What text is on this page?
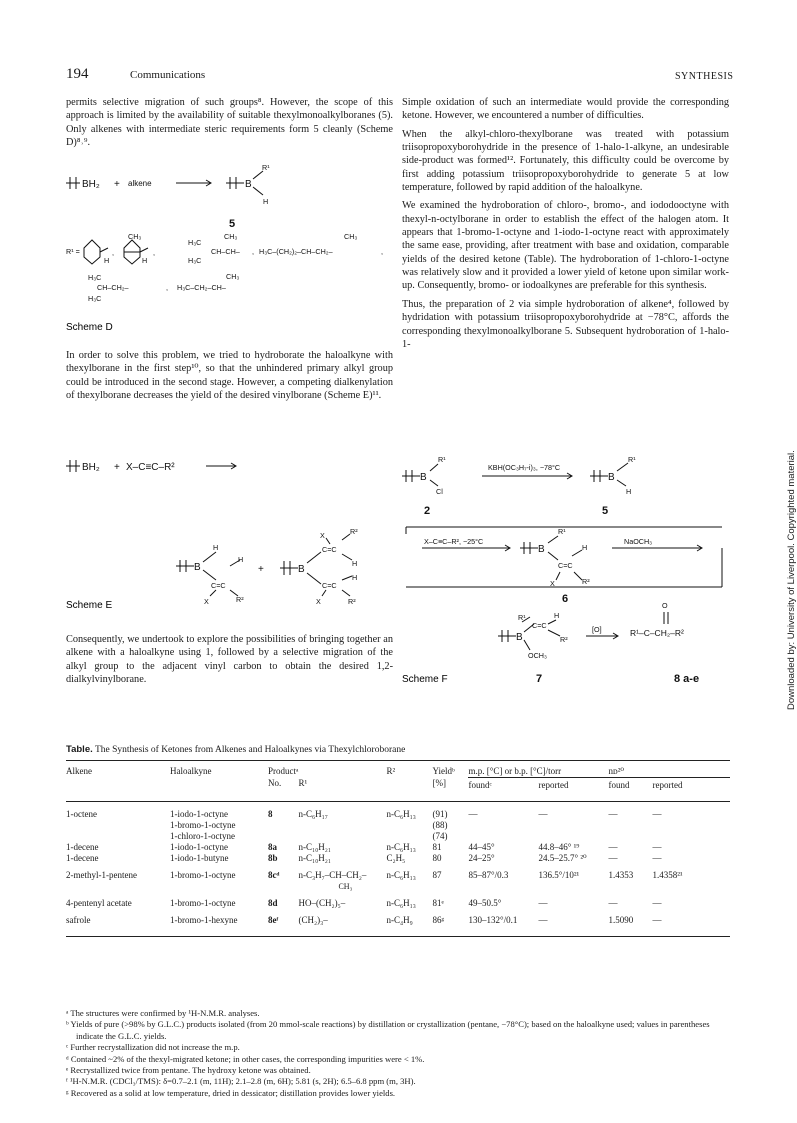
194	Communications	SYNTHESIS

permits selective migration of such groups⁸. However, the scope of this approach is limited by the availability of suitable thexylmonoalkylboranes (5). Only alkenes with intermediate steric requirements form 5 cleanly (Scheme D)⁸˒⁹.

BH₂ + alkene	B
R¹
H
5
R¹ =
H
,
CH₃
H
,
H₃C
CH₃
CH–CH–
H₃C
,
CH₃
H₃C–(CH₂)₂–CH–CH₂–	,
H₃C
CH–CH₂–
H₃C
,
CH₃
H₃C–CH₂–CH–
Scheme D

In order to solve this problem, we tried to hydroborate the haloalkyne with thexylborane in the first step¹⁰, so that the unhindered primary alkyl group could be introduced in the second stage. However, a competing dialkenylation of thexylborane decreases the yield of the desired vinylborane (Scheme E)¹¹.

BH₂ + X–C≡C–R²
B
H
H
C=C
X	R²
+	B
X	R²
C=C
H
C=C
H
X	R²
Scheme E

Consequently, we undertook to explore the possibilities of bringing together an alkene with a haloalkyne using 1, followed by a selective migration of the alkyl group to the adjacent vinyl carbon to obtain the desired 1,2-dialkylvinylborane.

Simple oxidation of such an intermediate would provide the corresponding ketone. However, we encountered a number of difficulties.

When the alkyl-chloro-thexylborane was treated with potassium triisopropoxyborohydride in the presence of 1-halo-1-alkyne, an undesirable side-product was formed¹². Fortunately, this difficulty could be overcome by first adding potassium triisopropoxyborohydride to generate 5 at low temperature, followed by rapid addition of the haloalkyne.

We examined the hydroboration of chloro-, bromo-, and iododooctyne with thexyl-n-octylborane in order to establish the effect of the halogen atom. It appears that 1-bromo-1-octyne and 1-iodo-1-octyne react with approximately the same ease, providing, after treatment with base and oxidation, comparable yields of the desired ketone (Table). The hydroboration of 1-chloro-1-octyne was relatively slow and it provided a lower yield of ketone upon similar work-up. Consequently, bromo- or iodoalkynes are preferable for this synthesis.

Thus, the preparation of 2 via simple hydroboration of alkene⁴, followed by hydridation with potassium triisopropoxyborohydride at −78°C, affords the corresponding thexylmonoalkylborane 5. Subsequent hydroboration of 1-halo-1-

B
R¹
Cl
KBH(OC₃H₇-i)₃, −78°C
B
R¹
H
2	5
X–C≡C–R², −25°C
B
R¹
H
C=C
X	R²
6
NaOCH₃
R¹	H
C=C
B	R²
OCH₃
7
[O]
O
R¹–C–CH₂–R²
8 a-e
Scheme F
Table. The Synthesis of Ketones from Alkenes and Haloalkynes via Thexylchloroborane
Alkene	Haloalkyne	Productᵃ		R²	Yieldᵇ	m.p. [°C] or b.p. [°C]/torr		nᴅ²⁰	
		No.	R¹		[%]	foundᶜ	reported	found	reported

1-octene	1-iodo-1-octyne	8	n-C₆H₁₇	n-C₆H₁₃	(91)	—	—	—	—
	1-bromo-1-octyne				(88)				
	1-chloro-1-octyne				(74)				
1-decene	1-iodo-1-octyne	8a	n-C₁₀H₂₁	n-C₆H₁₃	81	44–45°	44.8–46° ¹⁹	—	—
1-decene	1-iodo-1-butyne	8b	n-C₁₀H₂₁	C₂H₅	80	24–25°	24.5–25.7° ²⁰	—	—
2-methyl-1-pentene	1-bromo-1-octyne	8cᵈ	n-C₃H₇–CH–CH₂–	n-C₆H₁₃	87	85–87°/0.3	136.5°/10²¹	1.4353	1.4358²¹
			CH₃						
4-pentenyl acetate	1-bromo-1-octyne	8d	HO–(CH₂)₅–	n-C₆H₁₃	81ᵉ	49–50.5°	—	—	—
safrole	1-bromo-1-hexyne	8eᶠ	(CH₂)₃–	n-C₄H₉	86ᵍ	130–132°/0.1	—	1.5090	—

ᵃ The structures were confirmed by ¹H-N.M.R. analyses.
ᵇ Yields of pure (>98% by G.L.C.) products isolated (from 20 mmol-scale reactions) by distillation or crystallization (pentane, −78°C); based on the haloalkyne used; values in parentheses indicate the G.L.C. yields.
ᶜ Further recrystallization did not increase the m.p.
ᵈ Contained ~2% of the thexyl-migrated ketone; in other cases, the corresponding impurities were < 1%.
ᵉ Recrystallized twice from pentane. The hydroxy ketone was obtained.
ᶠ ¹H-N.M.R. (CDCl₃/TMS): δ=0.7–2.1 (m, 11H); 2.1–2.8 (m, 6H); 5.81 (s, 2H); 6.5–6.8 ppm (m, 3H).
ᵍ Recovered as a solid at low temperature, dried in dessicator; distillation provides lower yields.
Downloaded by: University of Liverpool. Copyrighted material.
